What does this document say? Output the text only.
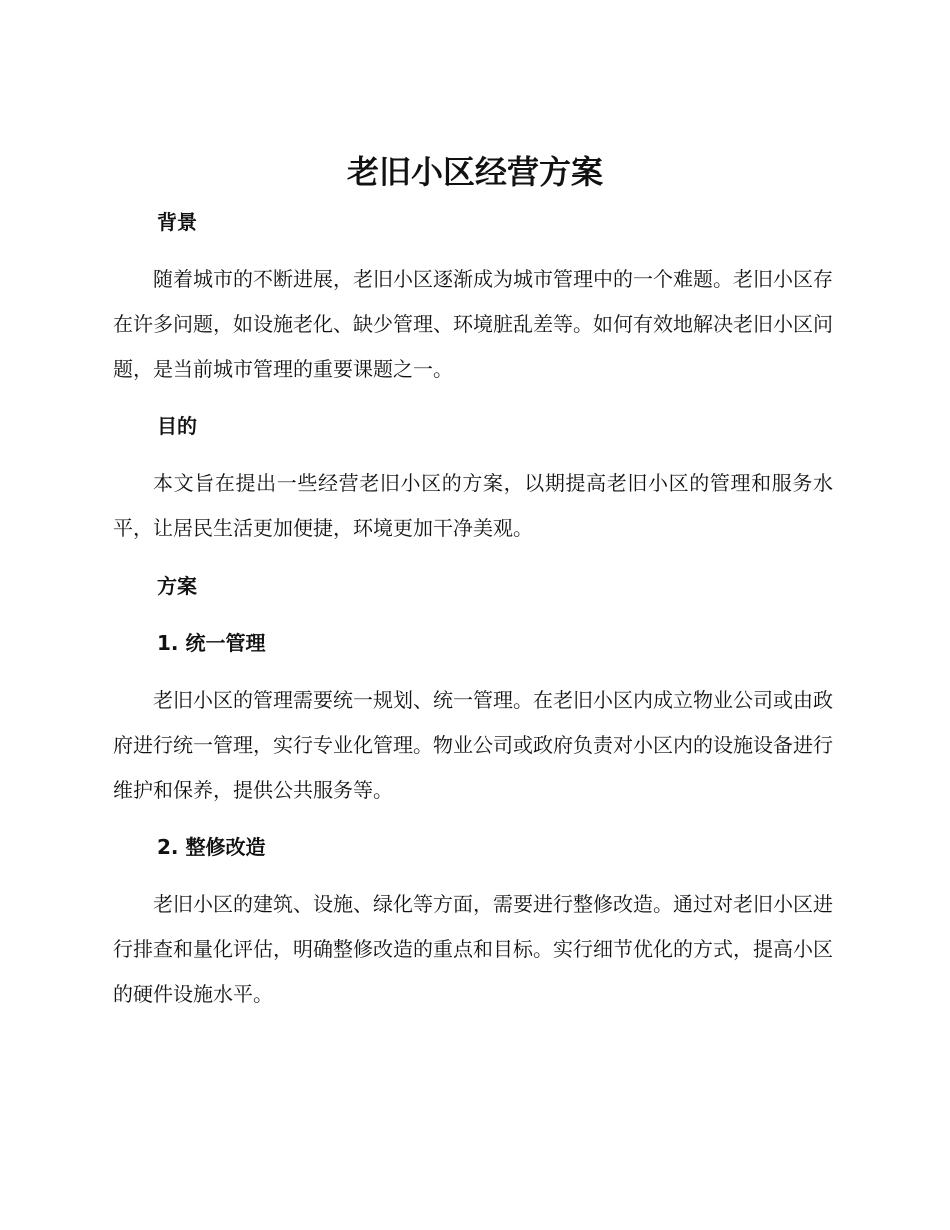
老旧小区经营方案
背景

随着城市的不断进展，老旧小区逐渐成为城市管理中的一个难题。老旧小区存在许多问题，如设施老化、缺少管理、环境脏乱差等。如何有效地解决老旧小区问题，是当前城市管理的重要课题之一。

目的

本文旨在提出一些经营老旧小区的方案，以期提高老旧小区的管理和服务水平，让居民生活更加便捷，环境更加干净美观。

方案
1. 统一管理

老旧小区的管理需要统一规划、统一管理。在老旧小区内成立物业公司或由政府进行统一管理，实行专业化管理。物业公司或政府负责对小区内的设施设备进行维护和保养，提供公共服务等。

2. 整修改造

老旧小区的建筑、设施、绿化等方面，需要进行整修改造。通过对老旧小区进行排查和量化评估，明确整修改造的重点和目标。实行细节优化的方式，提高小区的硬件设施水平。
